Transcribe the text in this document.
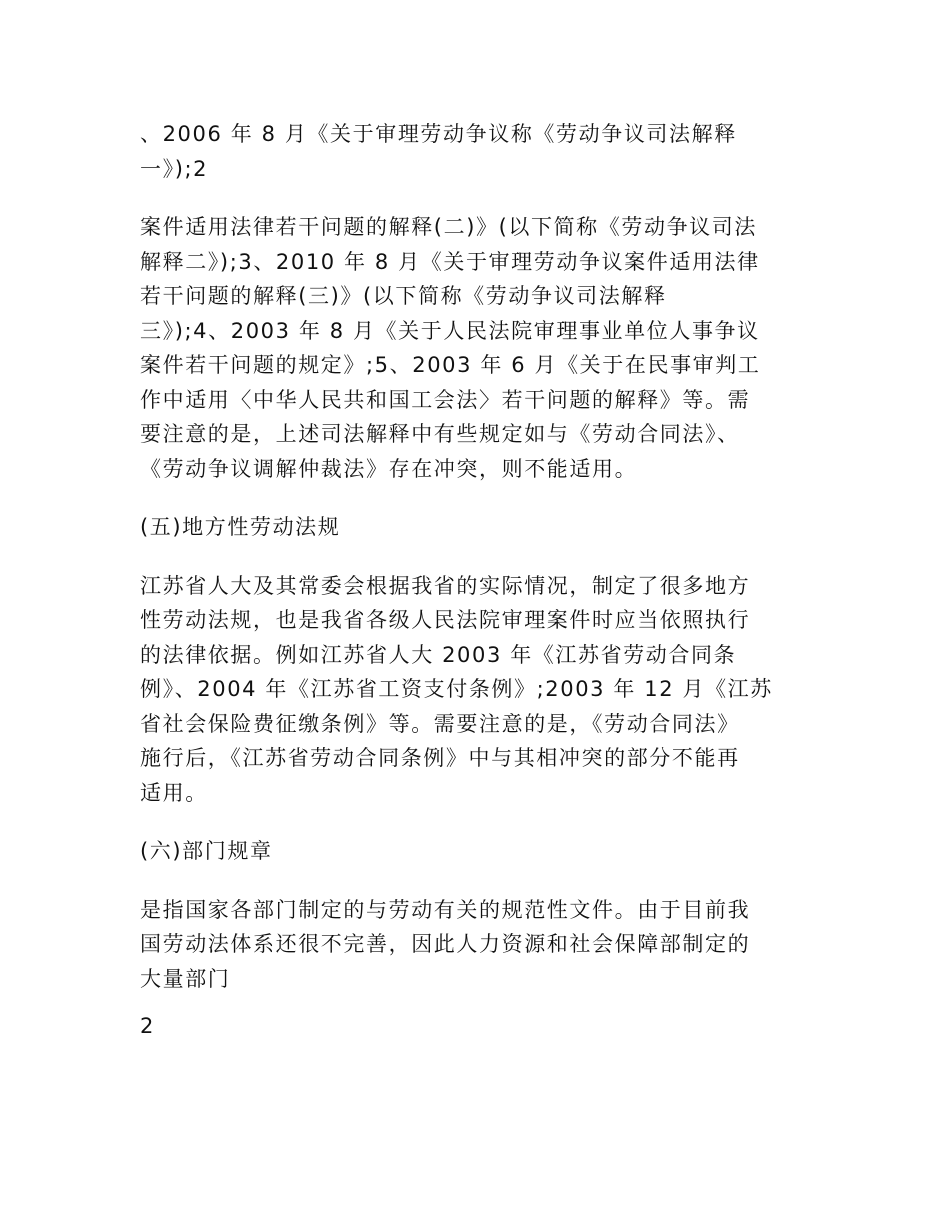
、2006 年 8 月《关于审理劳动争议称《劳动争议司法解释
一》);2

案件适用法律若干问题的解释(二)》(以下简称《劳动争议司法
解释二》);3、2010 年 8 月《关于审理劳动争议案件适用法律
若干问题的解释(三)》(以下简称《劳动争议司法解释
三》);4、2003 年 8 月《关于人民法院审理事业单位人事争议
案件若干问题的规定》;5、2003 年 6 月《关于在民事审判工
作中适用〈中华人民共和国工会法〉若干问题的解释》等。需
要注意的是，上述司法解释中有些规定如与《劳动合同法》、
《劳动争议调解仲裁法》存在冲突，则不能适用。

(五)地方性劳动法规

江苏省人大及其常委会根据我省的实际情况，制定了很多地方
性劳动法规，也是我省各级人民法院审理案件时应当依照执行
的法律依据。例如江苏省人大 2003 年《江苏省劳动合同条
例》、2004 年《江苏省工资支付条例》;2003 年 12 月《江苏
省社会保险费征缴条例》等。需要注意的是，《劳动合同法》
施行后，《江苏省劳动合同条例》中与其相冲突的部分不能再
适用。

(六)部门规章

是指国家各部门制定的与劳动有关的规范性文件。由于目前我
国劳动法体系还很不完善，因此人力资源和社会保障部制定的
大量部门

2
